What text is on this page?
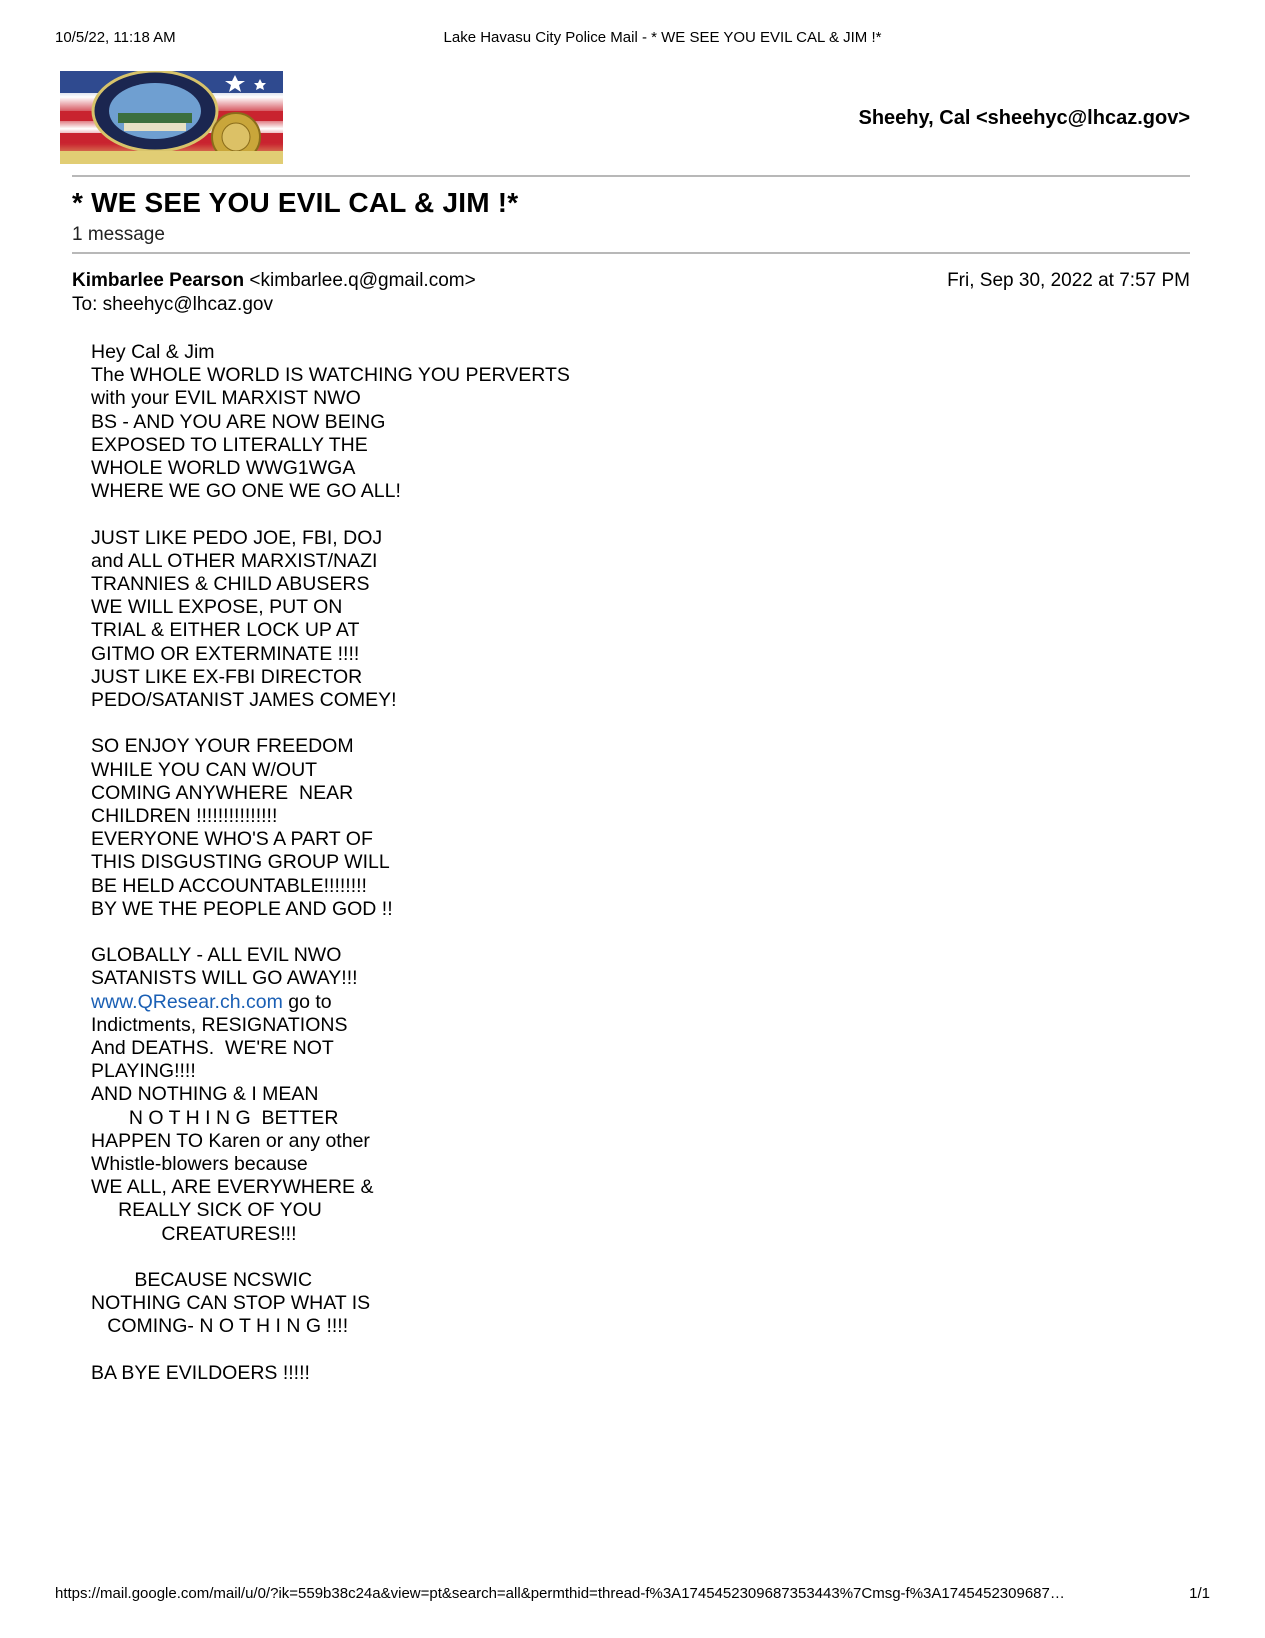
10/5/22, 11:18 AM	Lake Havasu City Police Mail - * WE SEE YOU EVIL CAL & JIM !*
Sheehy, Cal <sheehyc@lhcaz.gov>
* WE SEE YOU EVIL CAL & JIM !*
1 message
Kimbarlee Pearson <kimbarlee.q@gmail.com>	Fri, Sep 30, 2022 at 7:57 PM
To: sheehyc@lhcaz.gov
Hey Cal & Jim
The WHOLE WORLD IS WATCHING YOU PERVERTS
with your EVIL MARXIST NWO
BS - AND YOU ARE NOW BEING
EXPOSED TO LITERALLY THE
WHOLE WORLD WWG1WGA
WHERE WE GO ONE WE GO ALL!
JUST LIKE PEDO JOE, FBI, DOJ
and ALL OTHER MARXIST/NAZI
TRANNIES & CHILD ABUSERS
WE WILL EXPOSE, PUT ON
TRIAL & EITHER LOCK UP AT
GITMO OR EXTERMINATE !!!!
JUST LIKE EX-FBI DIRECTOR
PEDO/SATANIST JAMES COMEY!
SO ENJOY YOUR FREEDOM
WHILE YOU CAN W/OUT
COMING ANYWHERE  NEAR
CHILDREN !!!!!!!!!!!!!!!
EVERYONE WHO'S A PART OF
THIS DISGUSTING GROUP WILL
BE HELD ACCOUNTABLE!!!!!!!!
BY WE THE PEOPLE AND GOD !!
GLOBALLY - ALL EVIL NWO
SATANISTS WILL GO AWAY!!!
www.QResear.ch.com go to
Indictments, RESIGNATIONS
And DEATHS.  WE'RE NOT
PLAYING!!!!
AND NOTHING & I MEAN
N O T H I N G  BETTER
HAPPEN TO Karen or any other
Whistle-blowers because
WE ALL, ARE EVERYWHERE &
REALLY SICK OF YOU
CREATURES!!!
BECAUSE NCSWIC
NOTHING CAN STOP WHAT IS
COMING- N O T H I N G !!!!
BA BYE EVILDOERS !!!!!
https://mail.google.com/mail/u/0/?ik=559b38c24a&view=pt&search=all&permthid=thread-f%3A1745452309687353443%7Cmsg-f%3A1745452309687…	1/1
